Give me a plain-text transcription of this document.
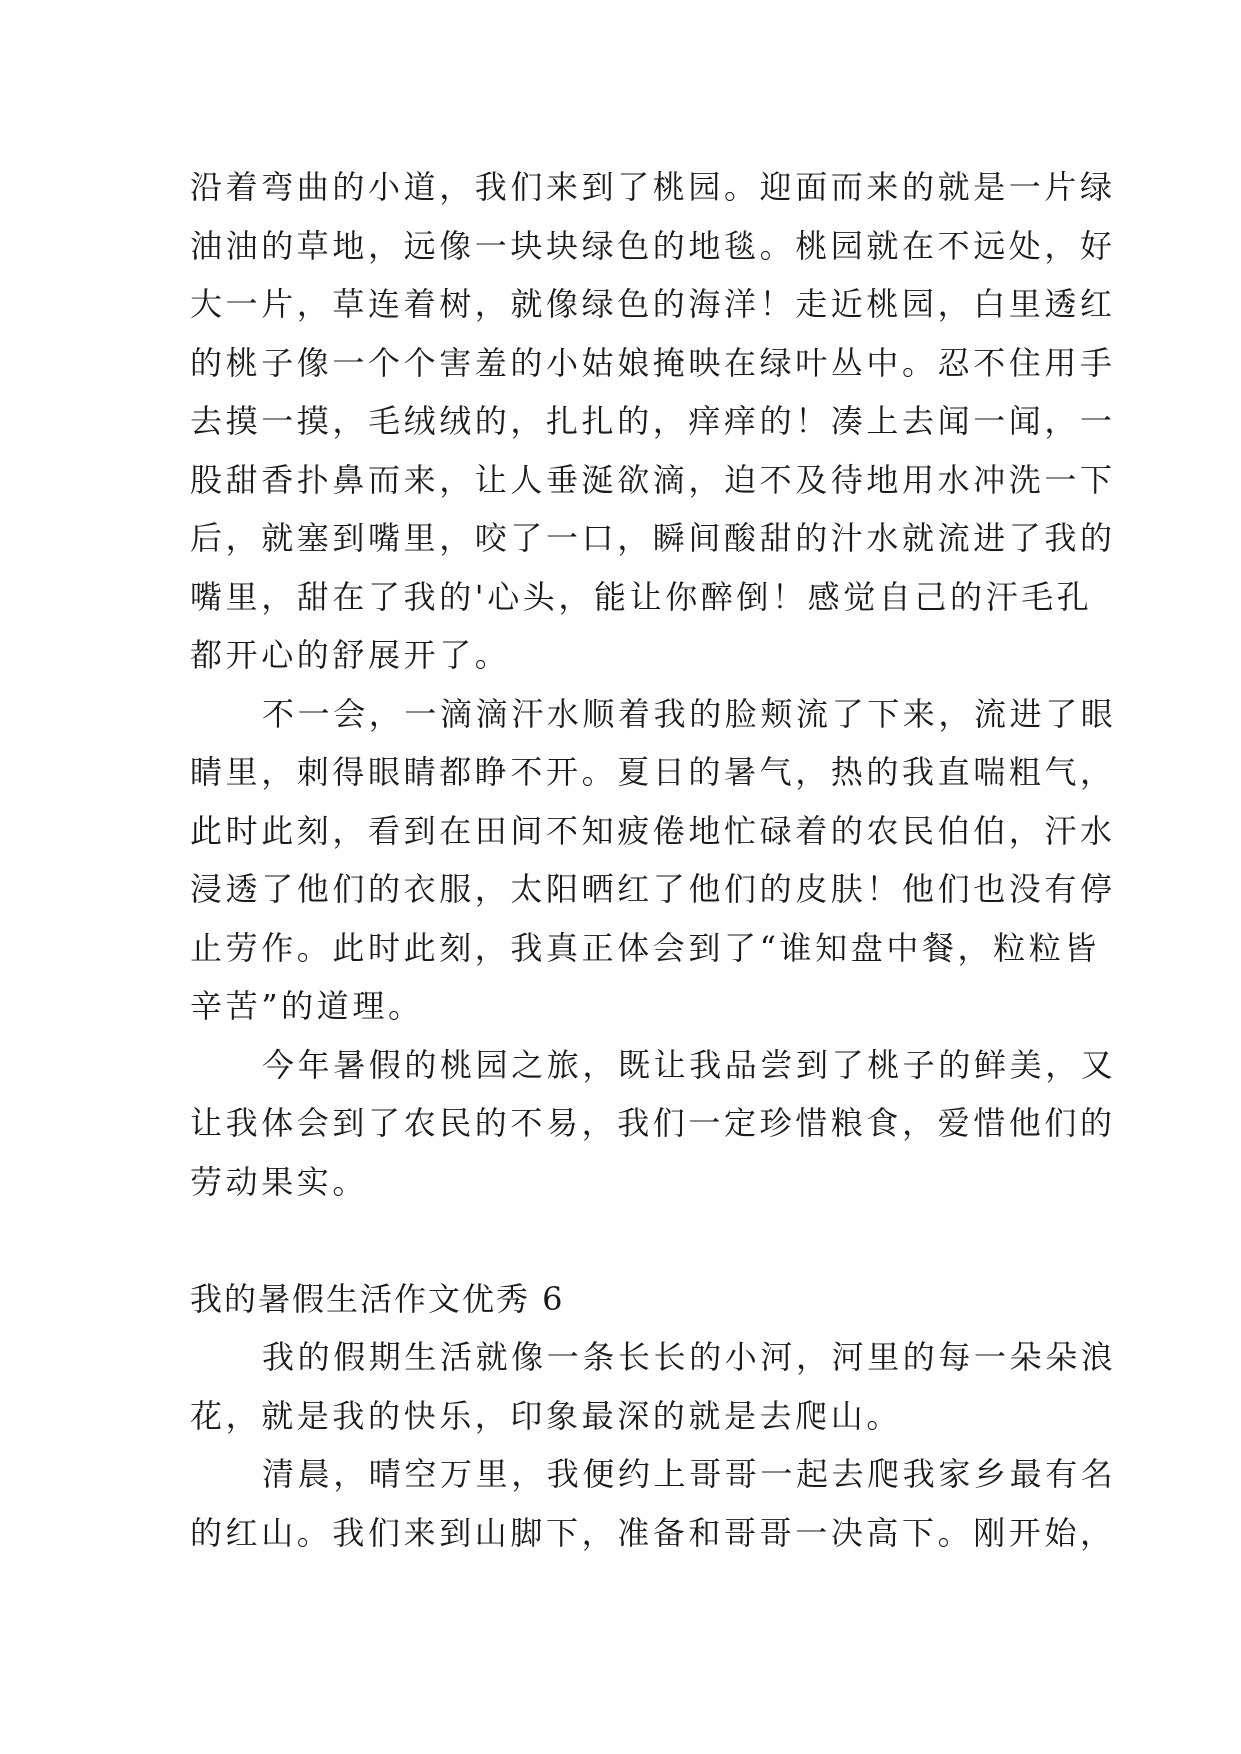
沿着弯曲的小道，我们来到了桃园。迎面而来的就是一片绿
油油的草地，远像一块块绿色的地毯。桃园就在不远处，好
大一片，草连着树，就像绿色的海洋！走近桃园，白里透红
的桃子像一个个害羞的小姑娘掩映在绿叶丛中。忍不住用手
去摸一摸，毛绒绒的，扎扎的，痒痒的！凑上去闻一闻，一
股甜香扑鼻而来，让人垂涎欲滴，迫不及待地用水冲洗一下
后，就塞到嘴里，咬了一口，瞬间酸甜的汁水就流进了我的
嘴里，甜在了我的'心头，能让你醉倒！感觉自己的汗毛孔
都开心的舒展开了。
不一会，一滴滴汗水顺着我的脸颊流了下来，流进了眼
睛里，刺得眼睛都睁不开。夏日的暑气，热的我直喘粗气，
此时此刻，看到在田间不知疲倦地忙碌着的农民伯伯，汗水
浸透了他们的衣服，太阳晒红了他们的皮肤！他们也没有停
止劳作。此时此刻，我真正体会到了“谁知盘中餐，粒粒皆
辛苦”的道理。
今年暑假的桃园之旅，既让我品尝到了桃子的鲜美，又
让我体会到了农民的不易，我们一定珍惜粮食，爱惜他们的
劳动果实。
我的暑假生活作文优秀 6
我的假期生活就像一条长长的小河，河里的每一朵朵浪
花，就是我的快乐，印象最深的就是去爬山。
清晨，晴空万里，我便约上哥哥一起去爬我家乡最有名
的红山。我们来到山脚下，准备和哥哥一决高下。刚开始，
